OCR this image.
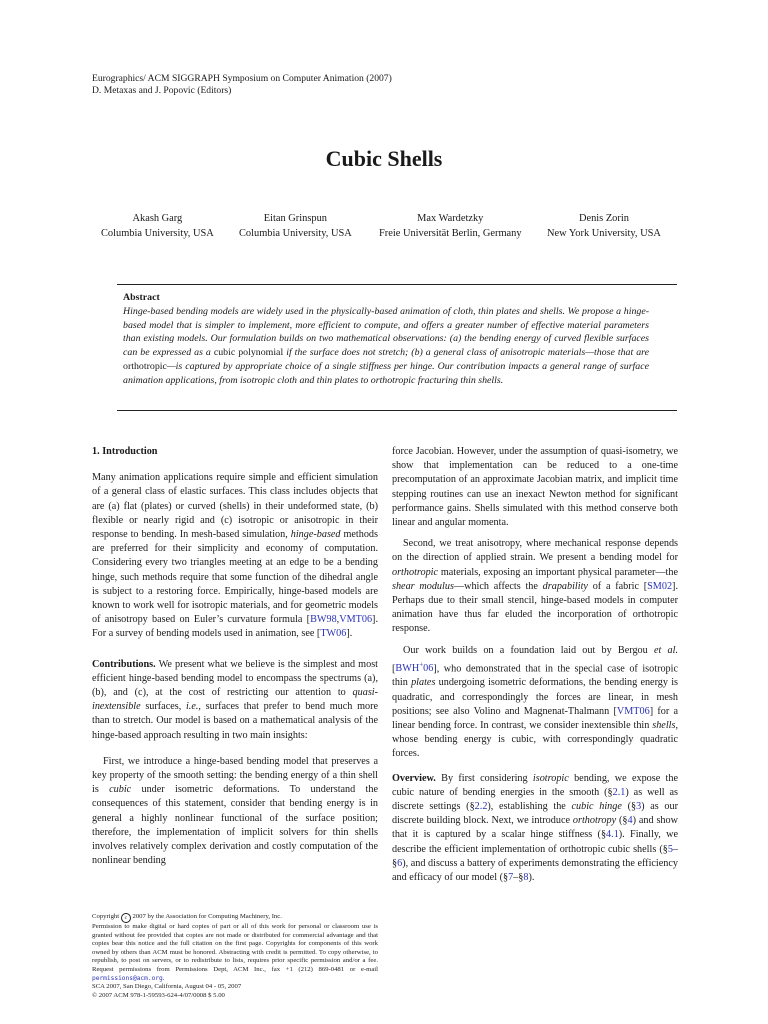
Eurographics/ ACM SIGGRAPH Symposium on Computer Animation (2007)
D. Metaxas and J. Popovic (Editors)
Cubic Shells
Akash Garg
Columbia University, USA
Eitan Grinspun
Columbia University, USA
Max Wardetzky
Freie Universität Berlin, Germany
Denis Zorin
New York University, USA
Abstract
Hinge-based bending models are widely used in the physically-based animation of cloth, thin plates and shells. We propose a hinge-based model that is simpler to implement, more efficient to compute, and offers a greater number of effective material parameters than existing models. Our formulation builds on two mathematical observations: (a) the bending energy of curved flexible surfaces can be expressed as a cubic polynomial if the surface does not stretch; (b) a general class of anisotropic materials—those that are orthotropic—is captured by appropriate choice of a single stiffness per hinge. Our contribution impacts a general range of surface animation applications, from isotropic cloth and thin plates to orthotropic fracturing thin shells.
1. Introduction

Many animation applications require simple and efficient simulation of a general class of elastic surfaces. This class includes objects that are (a) flat (plates) or curved (shells) in their undeformed state, (b) flexible or nearly rigid and (c) isotropic or anisotropic in their response to bending. In mesh-based simulation, hinge-based methods are preferred for their simplicity and economy of computation. Considering every two triangles meeting at an edge to be a bending hinge, such methods require that some function of the dihedral angle is subject to a restoring force. Empirically, hinge-based models are known to work well for isotropic materials, and for geometric models of anisotropy based on Euler’s curvature formula [BW98,VMT06]. For a survey of bending models used in animation, see [TW06].

Contributions. We present what we believe is the simplest and most efficient hinge-based bending model to encompass the spectrums (a), (b), and (c), at the cost of restricting our attention to quasi-inextensible surfaces, i.e., surfaces that prefer to bend much more than to stretch. Our model is based on a mathematical analysis of the hinge-based approach resulting in two main insights:

First, we introduce a hinge-based bending model that preserves a key property of the smooth setting: the bending energy of a thin shell is cubic under isometric deformations. To understand the consequences of this statement, consider that bending energy is in general a highly nonlinear functional of the surface position; therefore, the implementation of implicit solvers for thin shells involves relatively complex derivation and costly computation of the nonlinear bending

force Jacobian. However, under the assumption of quasi-isometry, we show that implementation can be reduced to a one-time precomputation of an approximate Jacobian matrix, and implicit time stepping routines can use an inexact Newton method for significant performance gains. Shells simulated with this method conserve both linear and angular momenta.

Second, we treat anisotropy, where mechanical response depends on the direction of applied strain. We present a bending model for orthotropic materials, exposing an important physical parameter—the shear modulus—which affects the drapability of a fabric [SM02]. Perhaps due to their small stencil, hinge-based models in computer animation have thus far eluded the incorporation of orthotropic response.

Our work builds on a foundation laid out by Bergou et al. [BWH+06], who demonstrated that in the special case of isotropic thin plates undergoing isometric deformations, the bending energy is quadratic, and correspondingly the forces are linear, in mesh positions; see also Volino and Magnenat-Thalmann [VMT06] for a linear bending force. In contrast, we consider inextensible thin shells, whose bending energy is cubic, with correspondingly quadratic forces.

Overview. By first considering isotropic bending, we expose the cubic nature of bending energies in the smooth (§2.1) as well as discrete settings (§2.2), establishing the cubic hinge (§3) as our discrete building block. Next, we introduce orthotropy (§4) and show that it is captured by a scalar hinge stiffness (§4.1). Finally, we describe the efficient implementation of orthotropic cubic shells (§5–§6), and discuss a battery of experiments demonstrating the efficiency and efficacy of our model (§7–§8).

Copyright c 2007 by the Association for Computing Machinery, Inc.

Permission to make digital or hard copies of part or all of this work for personal or classroom use is granted without fee provided that copies are not made or distributed for commercial advantage and that copies bear this notice and the full citation on the first page. Copyrights for components of this work owned by others than ACM must be honored. Abstracting with credit is permitted. To copy otherwise, to republish, to post on servers, or to redistribute to lists, requires prior specific permission and/or a fee. Request permissions from Permissions Dept, ACM Inc., fax +1 (212) 869-0481 or e-mail permissions@acm.org.

SCA 2007, San Diego, California, August 04 - 05, 2007

© 2007 ACM 978-1-59593-624-4/07/0008 $ 5.00
